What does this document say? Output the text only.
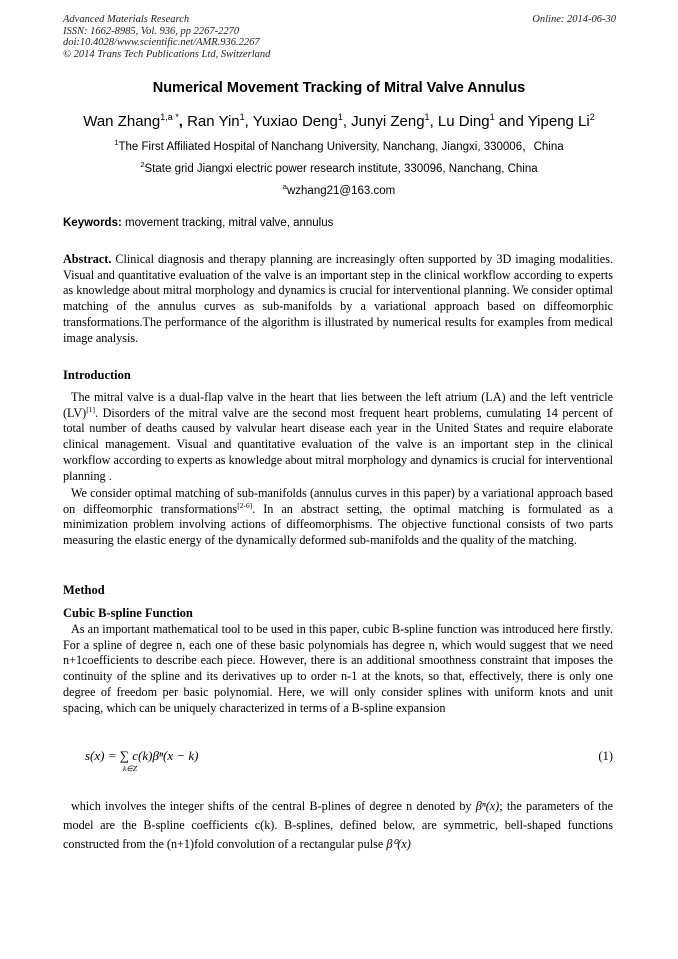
Advanced Materials Research
ISSN: 1662-8985, Vol. 936, pp 2267-2270
doi:10.4028/www.scientific.net/AMR.936.2267
© 2014 Trans Tech Publications Ltd, Switzerland
Online: 2014-06-30
Numerical Movement Tracking of Mitral Valve Annulus
Wan Zhang$^{1,a *}$, Ran Yin$^1$, Yuxiao Deng$^1$, Junyi Zeng$^1$, Lu Ding$^1$ and Yipeng Li$^2$
$^1$The First Affiliated Hospital of Nanchang University, Nanchang, Jiangxi, 330006，China
$^2$State grid Jiangxi electric power research institute, 330096, Nanchang, China
$^a$wzhang21@163.com
Keywords: movement tracking, mitral valve, annulus
Abstract. Clinical diagnosis and therapy planning are increasingly often supported by 3D imaging modalities. Visual and quantitative evaluation of the valve is an important step in the clinical workflow according to experts as knowledge about mitral morphology and dynamics is crucial for interventional planning. We consider optimal matching of the annulus curves as sub-manifolds by a variational approach based on diffeomorphic transformations.The performance of the algorithm is illustrated by numerical results for examples from medical image analysis.
Introduction
The mitral valve is a dual-flap valve in the heart that lies between the left atrium (LA) and the left ventricle (LV)[1]. Disorders of the mitral valve are the second most frequent heart problems, cumulating 14 percent of total number of deaths caused by valvular heart disease each year in the United States and require elaborate clinical management. Visual and quantitative evaluation of the valve is an important step in the clinical workflow according to experts as knowledge about mitral morphology and dynamics is crucial for interventional planning .
We consider optimal matching of sub-manifolds (annulus curves in this paper) by a variational approach based on diffeomorphic transformations[2-6]. In an abstract setting, the optimal matching is formulated as a minimization problem involving actions of diffeomorphisms. The objective functional consists of two parts measuring the elastic energy of the dynamically deformed sub-manifolds and the quality of the matching.
Method
Cubic B-spline Function
As an important mathematical tool to be used in this paper, cubic B-spline function was introduced here firstly. For a spline of degree n, each one of these basic polynomials has degree n, which would suggest that we need n+1coefficients to describe each piece. However, there is an additional smoothness constraint that imposes the continuity of the spline and its derivatives up to order n-1 at the knots, so that, effectively, there is only one degree of freedom per basic polynomial. Here, we will only consider splines with uniform knots and unit spacing, which can be uniquely characterized in terms of a B-spline expansion
s(x) = ∑ c(k)βⁿ(x − k)
k∈Z
(1)
which involves the integer shifts of the central B-plines of degree n denoted by βⁿ(x); the parameters of the model are the B-spline coefficients c(k). B-splines, defined below, are symmetric, bell-shaped functions constructed from the (n+1)fold convolution of a rectangular pulse β⁰(x)
